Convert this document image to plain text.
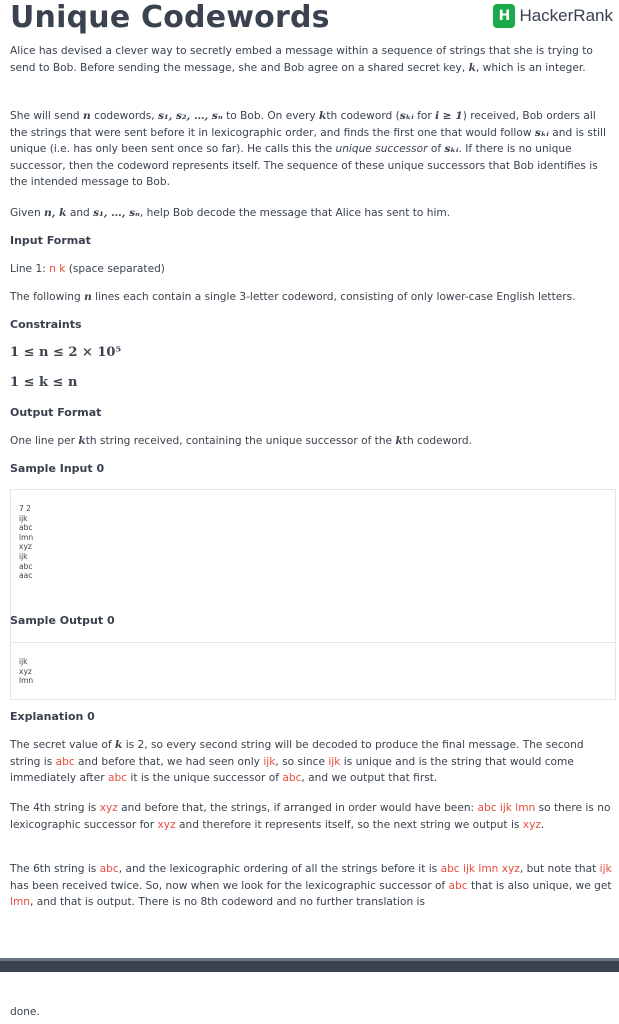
Unique Codewords	H HackerRank

Alice has devised a clever way to secretly embed a message within a sequence of strings that she is trying to send to Bob. Before sending the message, she and Bob agree on a shared secret key, k, which is an integer.

She will send n codewords, s₁, s₂, …, sₙ to Bob. On every kth codeword (sₖᵢ for i ≥ 1) received, Bob orders all the strings that were sent before it in lexicographic order, and finds the first one that would follow sₖᵢ and is still unique (i.e. has only been sent once so far). He calls this the unique successor of sₖᵢ. If there is no unique successor, then the codeword represents itself. The sequence of these unique successors that Bob identifies is the intended message to Bob.

Given n, k and s₁, …, sₙ, help Bob decode the message that Alice has sent to him.

Input Format

Line 1: n k (space separated)

The following n lines each contain a single 3-letter codeword, consisting of only lower-case English letters.

Constraints

1 ≤ n ≤ 2 × 10⁵

1 ≤ k ≤ n

Output Format

One line per kth string received, containing the unique successor of the kth codeword.

Sample Input 0

7 2
ijk
abc
lmn
xyz
ijk
abc
aac

Sample Output 0

ijk
xyz
lmn

Explanation 0

The secret value of k is 2, so every second string will be decoded to produce the final message. The second string is abc and before that, we had seen only ijk, so since ijk is unique and is the string that would come immediately after abc it is the unique successor of abc, and we output that first.

The 4th string is xyz and before that, the strings, if arranged in order would have been: abc ijk lmn so there is no lexicographic successor for xyz and therefore it represents itself, so the next string we output is xyz.

The 6th string is abc, and the lexicographic ordering of all the strings before it is abc ijk lmn xyz, but note that ijk has been received twice. So, now when we look for the lexicographic successor of abc that is also unique, we get lmn, and that is output. There is no 8th codeword and no further translation is

done.
